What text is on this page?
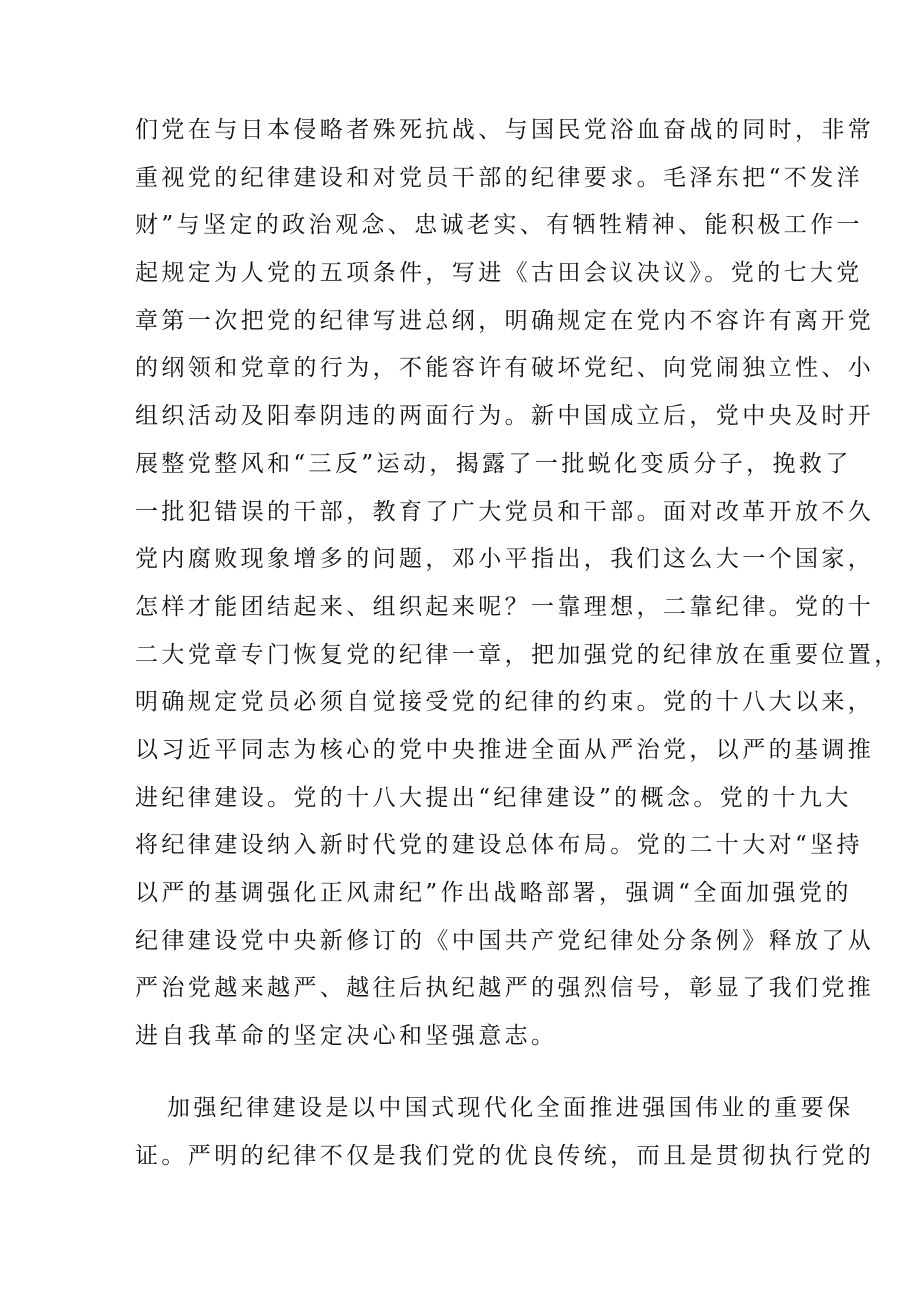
们党在与日本侵略者殊死抗战、与国民党浴血奋战的同时，非常
重视党的纪律建设和对党员干部的纪律要求。毛泽东把“不发洋
财”与坚定的政治观念、忠诚老实、有牺牲精神、能积极工作一
起规定为人党的五项条件，写进《古田会议决议》。党的七大党
章第一次把党的纪律写进总纲，明确规定在党内不容许有离开党
的纲领和党章的行为，不能容许有破坏党纪、向党闹独立性、小
组织活动及阳奉阴违的两面行为。新中国成立后，党中央及时开
展整党整风和“三反”运动，揭露了一批蜕化变质分子，挽救了
一批犯错误的干部，教育了广大党员和干部。面对改革开放不久
党内腐败现象增多的问题，邓小平指出，我们这么大一个国家，
怎样才能团结起来、组织起来呢？一靠理想，二靠纪律。党的十
二大党章专门恢复党的纪律一章，把加强党的纪律放在重要位置，
明确规定党员必须自觉接受党的纪律的约束。党的十八大以来，
以习近平同志为核心的党中央推进全面从严治党，以严的基调推
进纪律建设。党的十八大提出“纪律建设”的概念。党的十九大
将纪律建设纳入新时代党的建设总体布局。党的二十大对“坚持
以严的基调强化正风肃纪”作出战略部署，强调“全面加强党的
纪律建设党中央新修订的《中国共产党纪律处分条例》释放了从
严治党越来越严、越往后执纪越严的强烈信号，彰显了我们党推
进自我革命的坚定决心和坚强意志。
加强纪律建设是以中国式现代化全面推进强国伟业的重要保
证。严明的纪律不仅是我们党的优良传统，而且是贯彻执行党的
